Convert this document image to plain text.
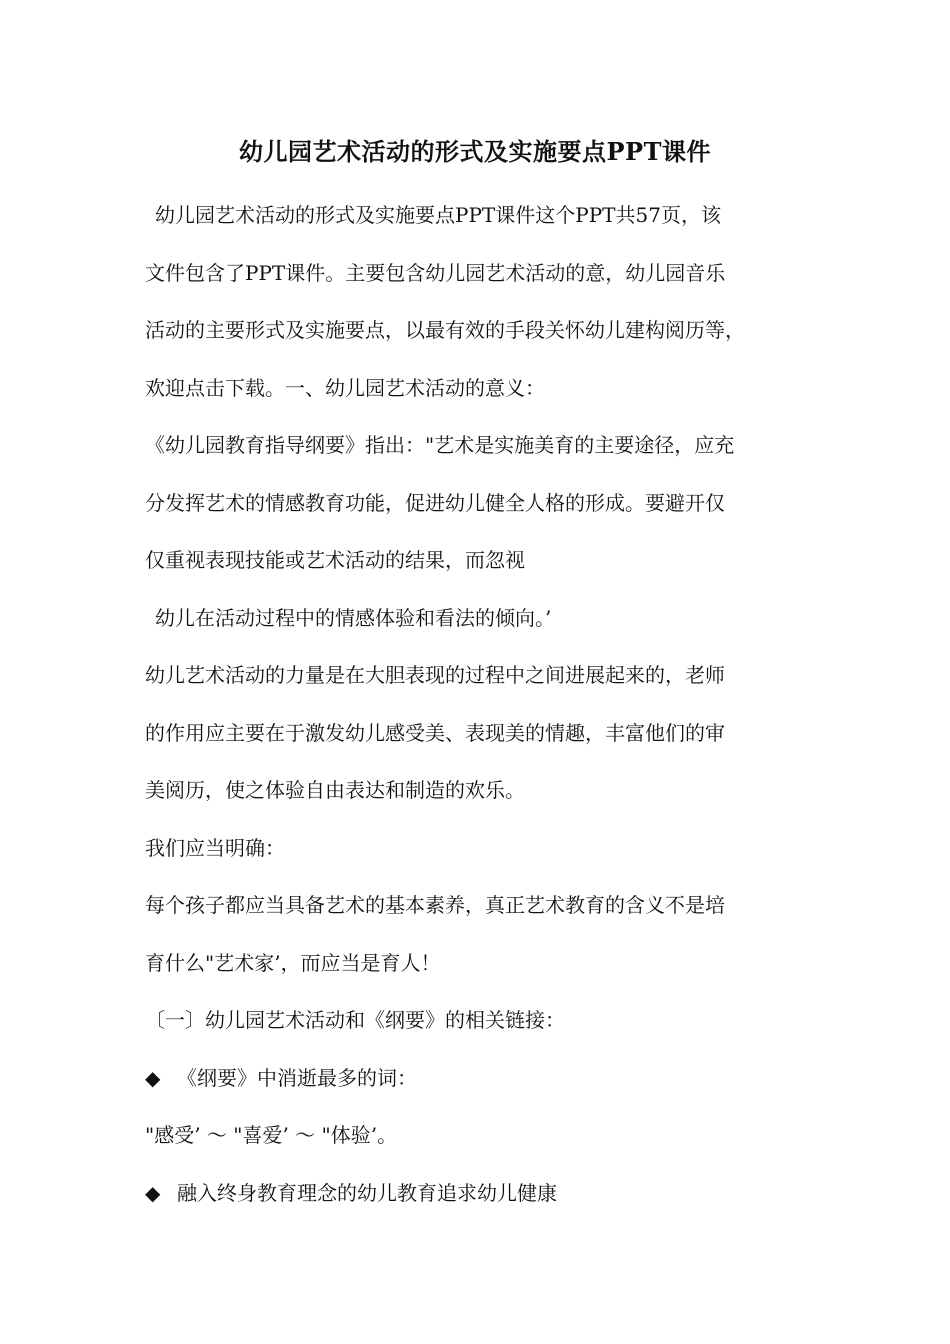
幼儿园艺术活动的形式及实施要点PPT课件
幼儿园艺术活动的形式及实施要点PPT课件这个PPT共57页，该
文件包含了PPT课件。主要包含幼儿园艺术活动的意，幼儿园音乐
活动的主要形式及实施要点，以最有效的手段关怀幼儿建构阅历等，
欢迎点击下载。一、幼儿园艺术活动的意义：
《幼儿园教育指导纲要》指出："艺术是实施美育的主要途径，应充
分发挥艺术的情感教育功能，促进幼儿健全人格的形成。要避开仅
仅重视表现技能或艺术活动的结果，而忽视
幼儿在活动过程中的情感体验和看法的倾向。’
幼儿艺术活动的力量是在大胆表现的过程中之间进展起来的，老师
的作用应主要在于激发幼儿感受美、表现美的情趣，丰富他们的审
美阅历，使之体验自由表达和制造的欢乐。
我们应当明确：
每个孩子都应当具备艺术的基本素养，真正艺术教育的含义不是培
育什么"艺术家’，而应当是育人！
〔一〕幼儿园艺术活动和《纲要》的相关链接：
◆ 《纲要》中消逝最多的词：
"感受’ ～ "喜爱’ ～ "体验’。
◆ 融入终身教育理念的幼儿教育追求幼儿健康
